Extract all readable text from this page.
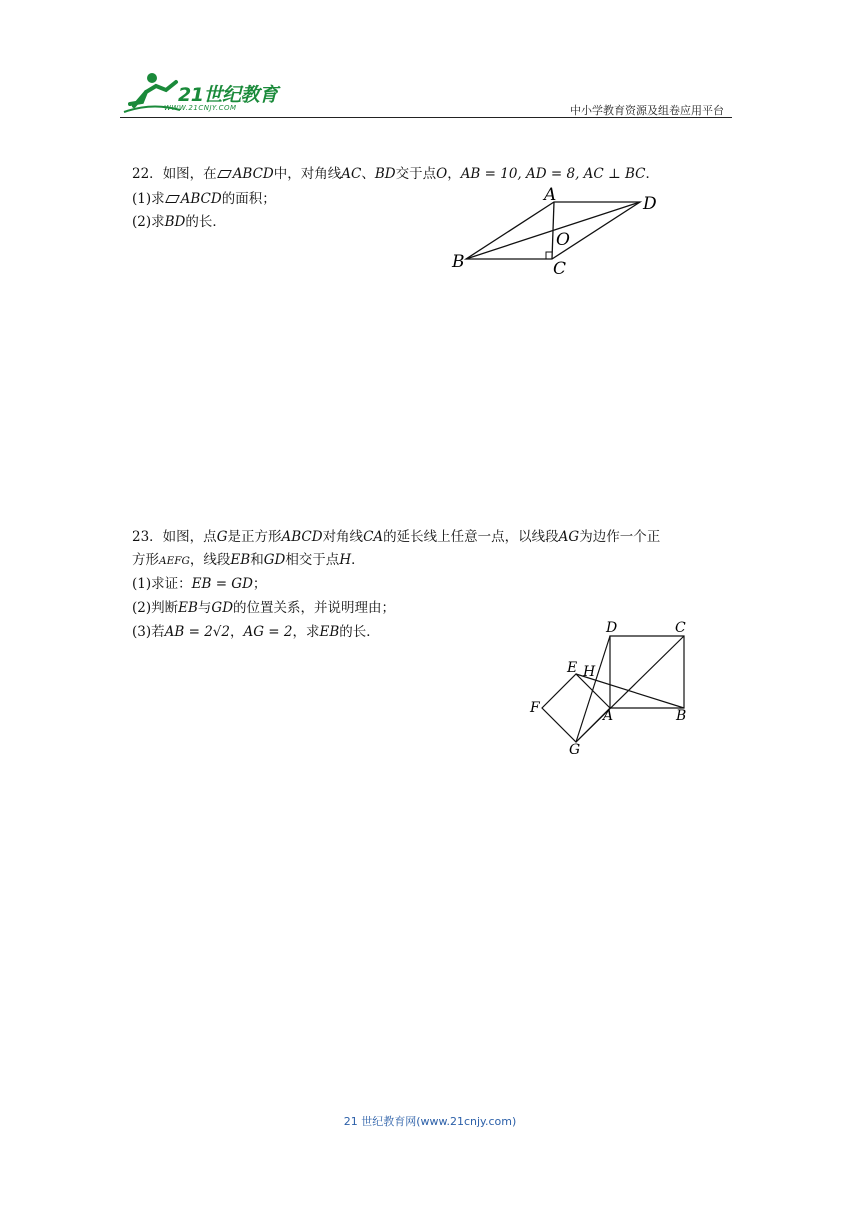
21世纪教育
WWW.21CNJY.COM	中小学教育资源及组卷应用平台
22．如图，在 ABCD中，对角线AC、BD交于点O，AB = 10, AD = 8, AC ⊥ BC．
(1)求 ABCD的面积；
(2)求BD的长．
A	D
O
B	C
23．如图，点G是正方形ABCD对角线CA的延长线上任意一点，以线段AG为边作一个正
方形AEFG，线段EB和GD相交于点H．
(1)求证：EB = GD；
(2)判断EB与GD的位置关系，并说明理由；
(3)若AB = 2√2，AG = 2，求EB的长．	D	C
E H
F	A	B
G
21 世纪教育网(www.21cnjy.com)
